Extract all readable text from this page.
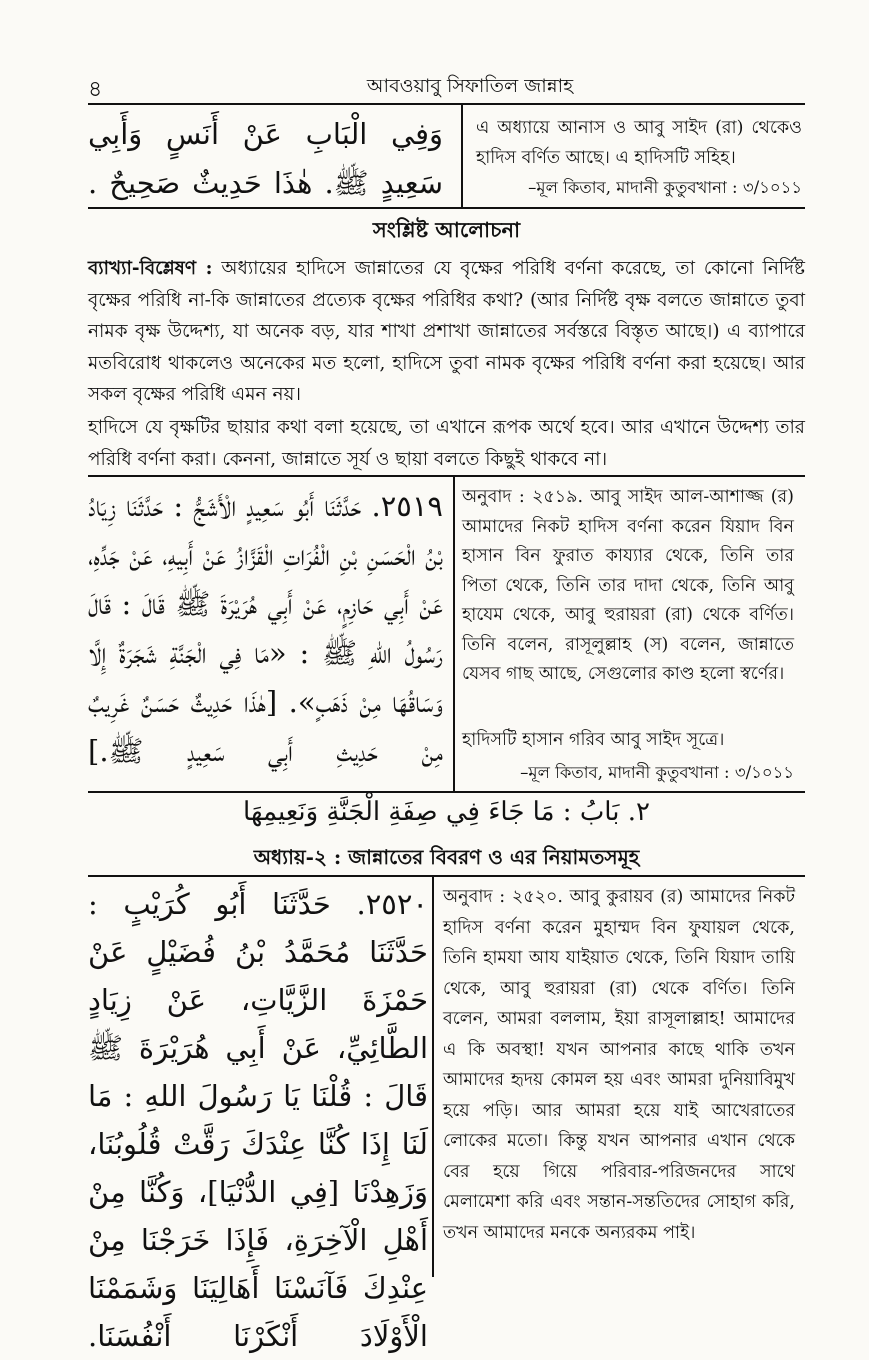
৪	আবওয়াবু সিফাতিল জান্নাহ
وَفِي الْبَابِ عَنْ أَنَسٍ وَأَبِي سَعِيدٍ ﷺ. هٰذَا حَدِيثٌ صَحِيحٌ .
এ অধ্যায়ে আনাস ও আবু সাইদ (রা) থেকেও হাদিস বর্ণিত আছে। এ হাদিসটি সহিহ।
–মূল কিতাব, মাদানী কুতুবখানা : ৩/১০১১
সংশ্লিষ্ট আলোচনা
ব্যাখ্যা-বিশ্লেষণ : অধ্যায়ের হাদিসে জান্নাতের যে বৃক্ষের পরিধি বর্ণনা করেছে, তা কোনো নির্দিষ্ট বৃক্ষের পরিধি না-কি জান্নাতের প্রত্যেক বৃক্ষের পরিধির কথা? (আর নির্দিষ্ট বৃক্ষ বলতে জান্নাতে তুবা নামক বৃক্ষ উদ্দেশ্য, যা অনেক বড়, যার শাখা প্রশাখা জান্নাতের সর্বস্তরে বিস্তৃত আছে।) এ ব্যাপারে মতবিরোধ থাকলেও অনেকের মত হলো, হাদিসে তুবা নামক বৃক্ষের পরিধি বর্ণনা করা হয়েছে। আর সকল বৃক্ষের পরিধি এমন নয়।
হাদিসে যে বৃক্ষটির ছায়ার কথা বলা হয়েছে, তা এখানে রূপক অর্থে হবে। আর এখানে উদ্দেশ্য তার পরিধি বর্ণনা করা। কেননা, জান্নাতে সূর্য ও ছায়া বলতে কিছুই থাকবে না।
٢٥١٩. حَدَّثَنَا أَبُو سَعِيدٍ الْأَشَجُّ : حَدَّثَنَا زِيَادُ بْنُ الْحَسَنِ بْنِ الْفُرَاتِ الْقَزَّازُ عَنْ أَبِيهِ، عَنْ جَدِّهِ، عَنْ أَبِي حَازِمٍ، عَنْ أَبِي هُرَيْرَةَ ﷺ قَالَ : قَالَ رَسُولُ اللهِ ﷺ : «مَا فِي الْجَنَّةِ شَجَرَةٌ إِلَّا وَسَاقُهَا مِنْ ذَهَبٍ». [هٰذَا حَدِيثٌ حَسَنٌ غَرِيبٌ مِنْ حَدِيثِ أَبِي سَعِيدٍ ﷺ.]
অনুবাদ : ২৫১৯. আবু সাইদ আল-আশাজ্জ (র) আমাদের নিকট হাদিস বর্ণনা করেন যিয়াদ বিন হাসান বিন ফুরাত কায্যার থেকে, তিনি তার পিতা থেকে, তিনি তার দাদা থেকে, তিনি আবু হাযেম থেকে, আবু হুরায়রা (রা) থেকে বর্ণিত। তিনি বলেন, রাসূলুল্লাহ (স) বলেন, জান্নাতে যেসব গাছ আছে, সেগুলোর কাণ্ড হলো স্বর্ণের।
হাদিসটি হাসান গরিব আবু সাইদ সূত্রে।
–মূল কিতাব, মাদানী কুতুবখানা : ৩/১০১১
٢. بَابُ : مَا جَاءَ فِي صِفَةِ الْجَنَّةِ وَنَعِيمِهَا
অধ্যায়-২ : জান্নাতের বিবরণ ও এর নিয়ামতসমূহ
٢٥٢٠. حَدَّثَنَا أَبُو كُرَيْبٍ : حَدَّثَنَا مُحَمَّدُ بْنُ فُضَيْلٍ عَنْ حَمْزَةَ الزَّيَّاتِ، عَنْ زِيَادٍ الطَّائِيِّ، عَنْ أَبِي هُرَيْرَةَ ﷺ قَالَ : قُلْنَا يَا رَسُولَ اللهِ : مَا لَنَا إِذَا كُنَّا عِنْدَكَ رَقَّتْ قُلُوبُنَا، وَزَهِدْنَا [فِي الدُّنْيَا]، وَكُنَّا مِنْ أَهْلِ الْآخِرَةِ، فَإِذَا خَرَجْنَا مِنْ عِنْدِكَ فَآنَسْنَا أَهَالِيَنَا وَشَمَمْنَا الْأَوْلَادَ أَنْكَرْنَا أَنْفُسَنَا.
অনুবাদ : ২৫২০. আবু কুরায়ব (র) আমাদের নিকট হাদিস বর্ণনা করেন মুহাম্মদ বিন ফুযায়ল থেকে, তিনি হামযা আয যাইয়াত থেকে, তিনি যিয়াদ তায়ি থেকে, আবু হুরায়রা (রা) থেকে বর্ণিত। তিনি বলেন, আমরা বললাম, ইয়া রাসূলাল্লাহ! আমাদের এ কি অবস্থা! যখন আপনার কাছে থাকি তখন আমাদের হৃদয় কোমল হয় এবং আমরা দুনিয়াবিমুখ হয়ে পড়ি। আর আমরা হয়ে যাই আখেরাতের লোকের মতো। কিন্তু যখন আপনার এখান থেকে বের হয়ে গিয়ে পরিবার-পরিজনদের সাথে মেলামেশা করি এবং সন্তান-সন্ততিদের সোহাগ করি, তখন আমাদের মনকে অন্যরকম পাই।
